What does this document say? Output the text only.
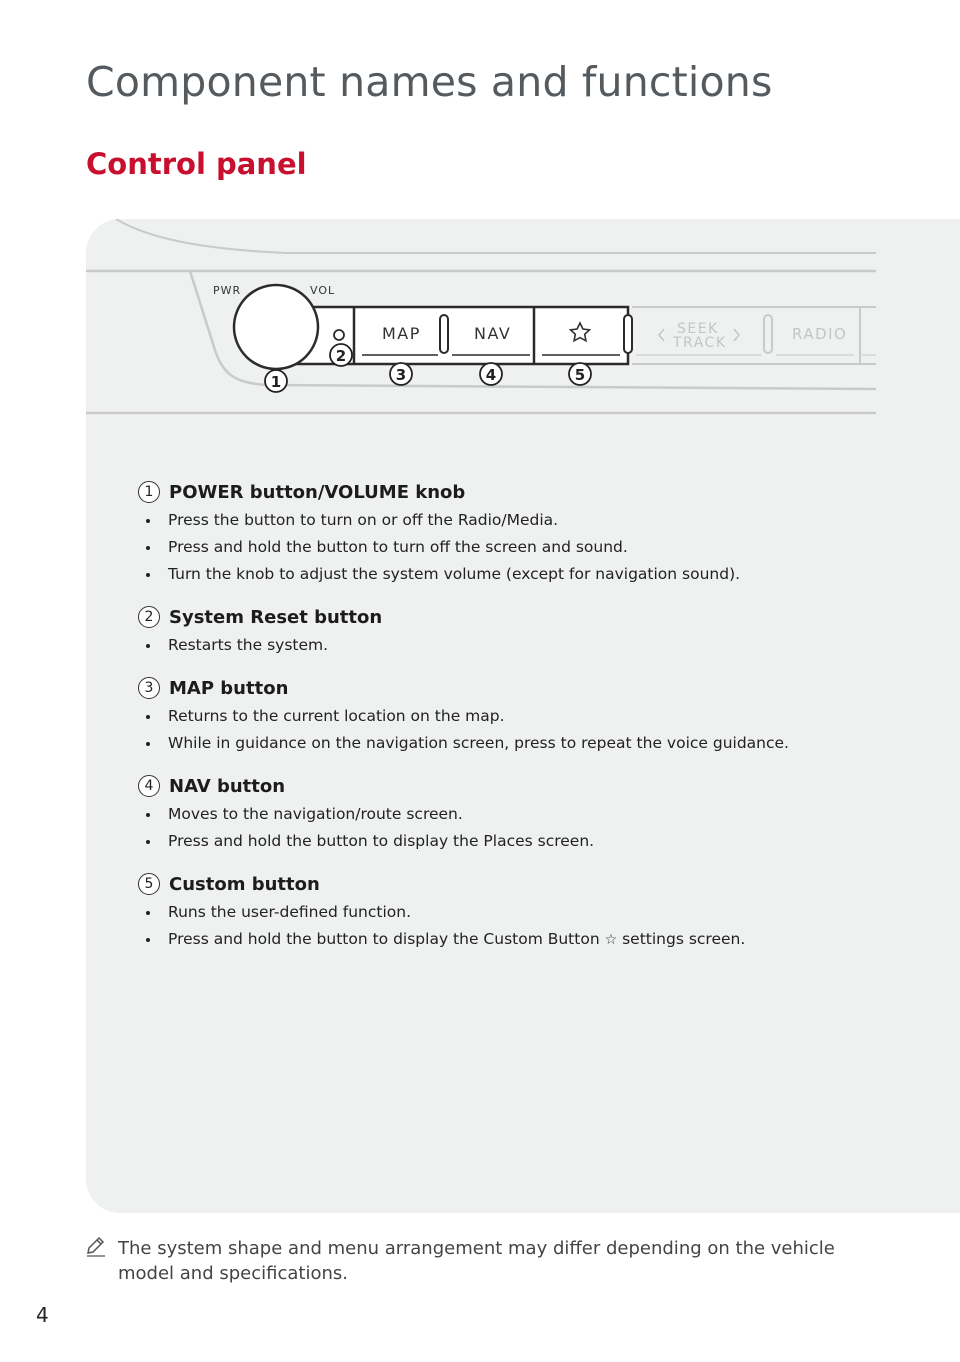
Component names and functions
Control panel
PWR	VOL
MAP	NAV	SEEK
TRACK	RADIO
1
2
3	4	5
1 POWER button/VOLUME knob
Press the button to turn on or off the Radio/Media.
Press and hold the button to turn off the screen and sound.
Turn the knob to adjust the system volume (except for navigation sound).
2 System Reset button
Restarts the system.
3 MAP button
Returns to the current location on the map.
While in guidance on the navigation screen, press to repeat the voice guidance.
4 NAV button
Moves to the navigation/route screen.
Press and hold the button to display the Places screen.
5 Custom button
Runs the user-defined function.
Press and hold the button to display the Custom Button ☆ settings screen.
The system shape and menu arrangement may differ depending on the vehicle model and specifications.
4
